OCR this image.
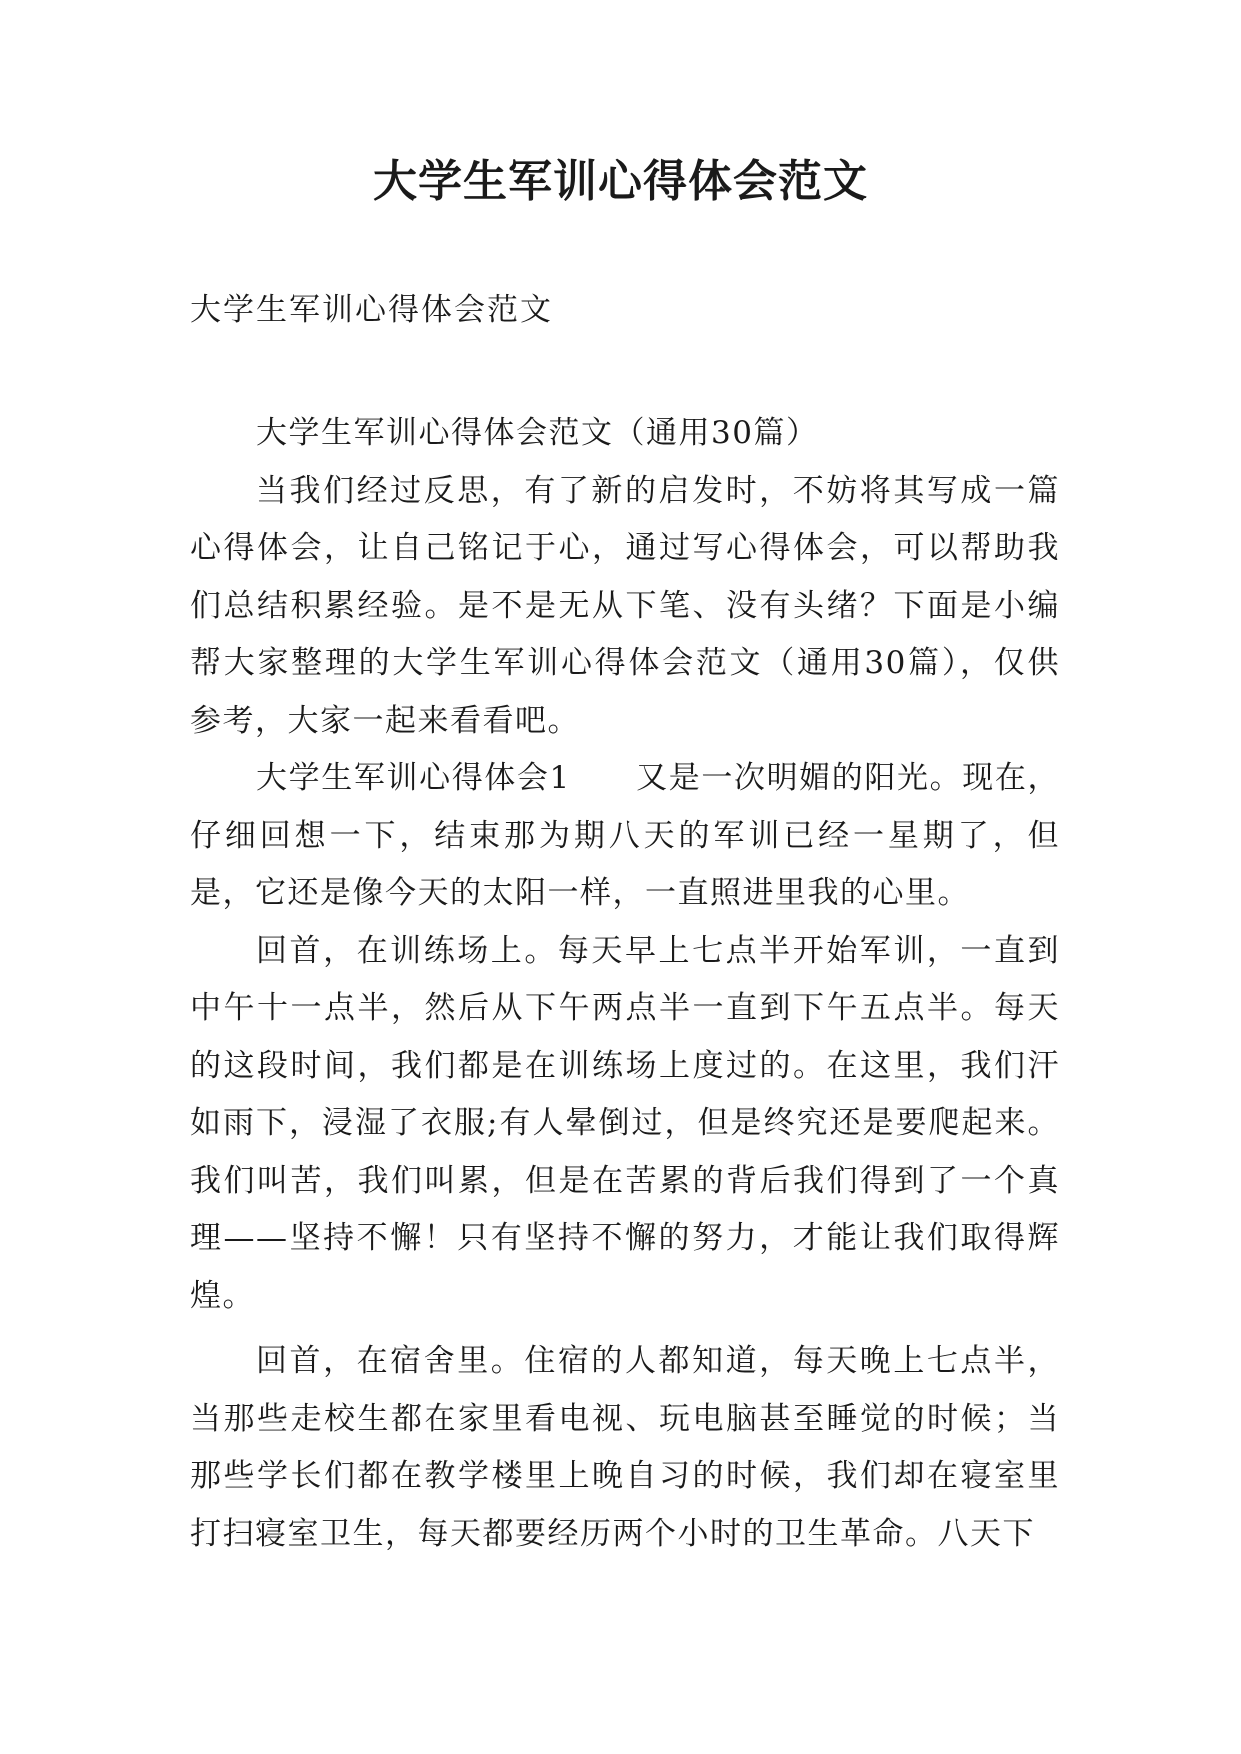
大学生军训心得体会范文

大学生军训心得体会范文

大学生军训心得体会范文（通用30篇）

当我们经过反思，有了新的启发时，不妨将其写成一篇心得体会，让自己铭记于心，通过写心得体会，可以帮助我们总结积累经验。是不是无从下笔、没有头绪？下面是小编帮大家整理的大学生军训心得体会范文（通用30篇），仅供参考，大家一起来看看吧。

大学生军训心得体会1　　又是一次明媚的阳光。现在，仔细回想一下，结束那为期八天的军训已经一星期了，但是，它还是像今天的太阳一样，一直照进里我的心里。

回首，在训练场上。每天早上七点半开始军训，一直到中午十一点半，然后从下午两点半一直到下午五点半。每天的这段时间，我们都是在训练场上度过的。在这里，我们汗如雨下，浸湿了衣服;有人晕倒过，但是终究还是要爬起来。我们叫苦，我们叫累，但是在苦累的背后我们得到了一个真理——坚持不懈！只有坚持不懈的努力，才能让我们取得辉煌。

回首，在宿舍里。住宿的人都知道，每天晚上七点半，当那些走校生都在家里看电视、玩电脑甚至睡觉的时候；当那些学长们都在教学楼里上晚自习的时候，我们却在寝室里打扫寝室卫生，每天都要经历两个小时的卫生革命。八天下
